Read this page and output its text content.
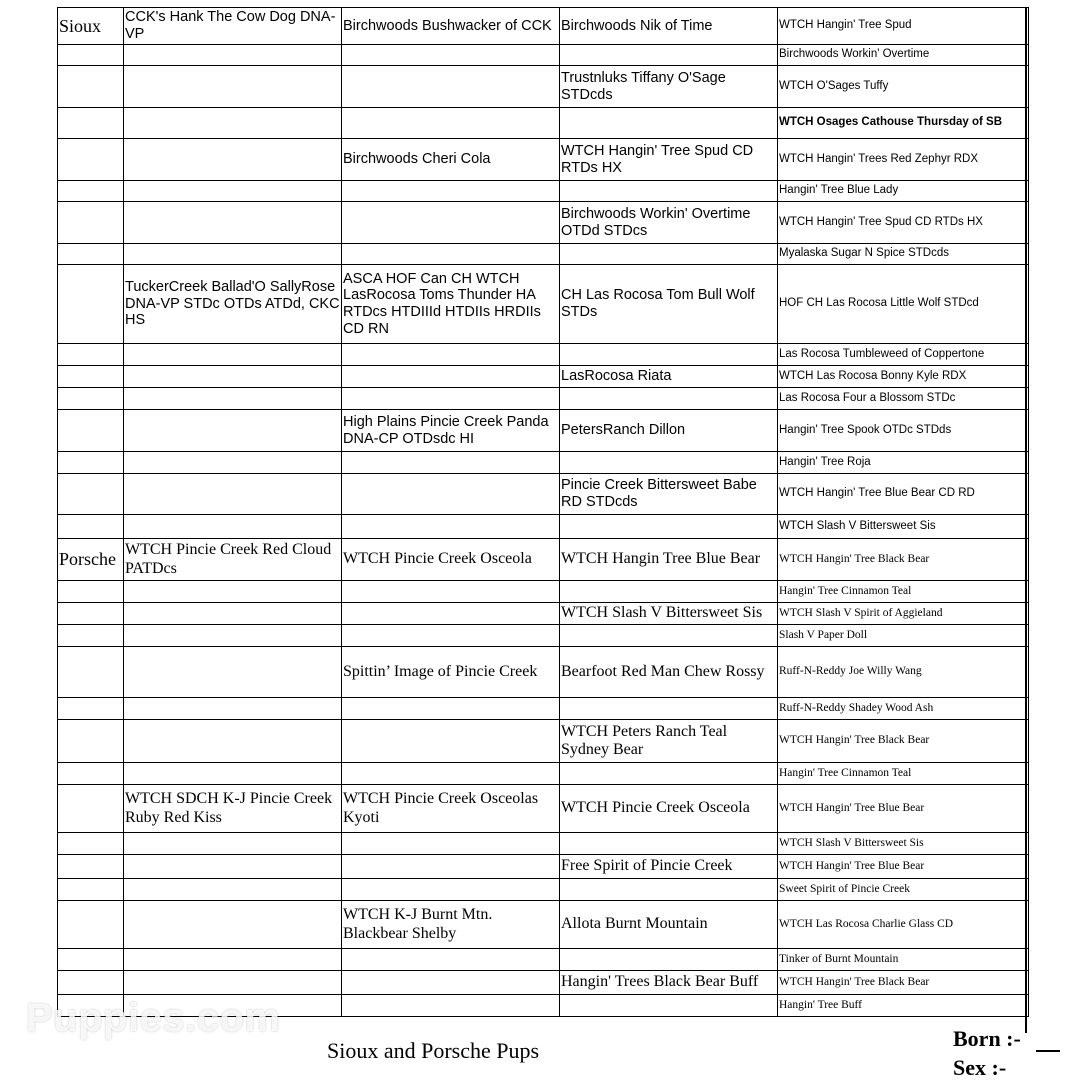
Sioux	CCK's Hank The Cow Dog DNA-VP	Birchwoods Bushwacker of CCK	Birchwoods Nik of Time	WTCH Hangin' Tree Spud
				Birchwoods Workin' Overtime
			Trustnluks Tiffany O'Sage STDcds	WTCH O'Sages Tuffy
				WTCH Osages Cathouse Thursday of SB
		Birchwoods Cheri Cola	WTCH Hangin' Tree Spud CD RTDs HX	WTCH Hangin' Trees Red Zephyr RDX
				Hangin' Tree Blue Lady
			Birchwoods Workin' Overtime OTDd STDcs	WTCH Hangin' Tree Spud CD RTDs HX
				Myalaska Sugar N Spice STDcds
	TuckerCreek Ballad'O SallyRose DNA-VP STDc OTDs ATDd, CKC HS	ASCA HOF Can CH WTCH LasRocosa Toms Thunder HA RTDcs HTDIIId HTDIIs HRDIIs CD RN	CH Las Rocosa Tom Bull Wolf STDs	HOF CH Las Rocosa Little Wolf STDcd
				Las Rocosa Tumbleweed of Coppertone
			LasRocosa Riata	WTCH Las Rocosa Bonny Kyle RDX
				Las Rocosa Four a Blossom STDc
		High Plains Pincie Creek Panda DNA-CP OTDsdc HI	PetersRanch Dillon	Hangin' Tree Spook OTDc STDds
				Hangin' Tree Roja
			Pincie Creek Bittersweet Babe RD STDcds	WTCH Hangin' Tree Blue Bear CD RD
				WTCH Slash V Bittersweet Sis
Porsche	WTCH Pincie Creek Red Cloud PATDcs	WTCH Pincie Creek Osceola	WTCH Hangin Tree Blue Bear	WTCH Hangin' Tree Black Bear
				Hangin' Tree Cinnamon Teal
			WTCH Slash V Bittersweet Sis	WTCH Slash V Spirit of Aggieland
				Slash V Paper Doll
		Spittin’ Image of Pincie Creek	Bearfoot Red Man Chew Rossy	Ruff-N-Reddy Joe Willy Wang
				Ruff-N-Reddy Shadey Wood Ash
			WTCH Peters Ranch Teal Sydney Bear	WTCH Hangin' Tree Black Bear
				Hangin' Tree Cinnamon Teal
	WTCH SDCH K-J Pincie Creek Ruby Red Kiss	WTCH Pincie Creek Osceolas Kyoti	WTCH Pincie Creek Osceola	WTCH Hangin' Tree Blue Bear
				WTCH Slash V Bittersweet Sis
			Free Spirit of Pincie Creek	WTCH Hangin' Tree Blue Bear
				Sweet Spirit of Pincie Creek
		WTCH K-J Burnt Mtn. Blackbear Shelby	Allota Burnt Mountain	WTCH Las Rocosa Charlie Glass CD
				Tinker of Burnt Mountain
			Hangin' Trees Black Bear Buff	WTCH Hangin' Tree Black Bear
				Hangin' Tree Buff
Puppies.com
Sioux and Porsche Pups	Born :-
Sex :-
